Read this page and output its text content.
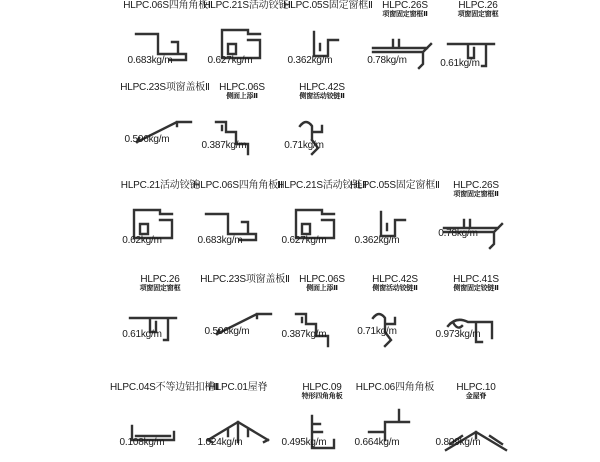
HLPC.06S四角角板Ⅱ
0.683kg/m
HLPC.21S活动铰链Ⅱ
0.627kg/m
HLPC.05S固定窗框Ⅱ
0.362kg/m
HLPC.26S
项窗固定窗框Ⅱ
0.78kg/m
HLPC.26
项窗固定窗框
0.61kg/m
HLPC.23S项窗盖板Ⅱ
0.506kg/m
HLPC.06S
侧面上添Ⅱ
0.387kg/m
HLPC.42S
侧窗活动铰链Ⅱ
0.71kg/m
HLPC.21活动铰链
0.62kg/m
HLPC.06S四角角板Ⅱ
0.683kg/m
HLPC.21S活动铰链Ⅱ
0.627kg/m
HLPC.05S固定窗框Ⅱ
0.362kg/m
HLPC.26S
项窗固定窗框Ⅱ
0.78kg/m
HLPC.26
项窗固定窗框
0.61kg/m
HLPC.23S项窗盖板Ⅱ
0.506kg/m
HLPC.06S
侧面上添Ⅱ
0.387kg/m
HLPC.42S
侧窗活动铰链Ⅱ
0.71kg/m
HLPC.41S
侧窗固定铰链Ⅱ
0.973kg/m
HLPC.04S不等边铝扣槽Ⅱ
0.108kg/m
HLPC.01屋脊
1.024kg/m
HLPC.09
特形四角角板
0.495kg/m
HLPC.06四角角板
0.664kg/m
HLPC.10
金屋脊
0.809kg/m
